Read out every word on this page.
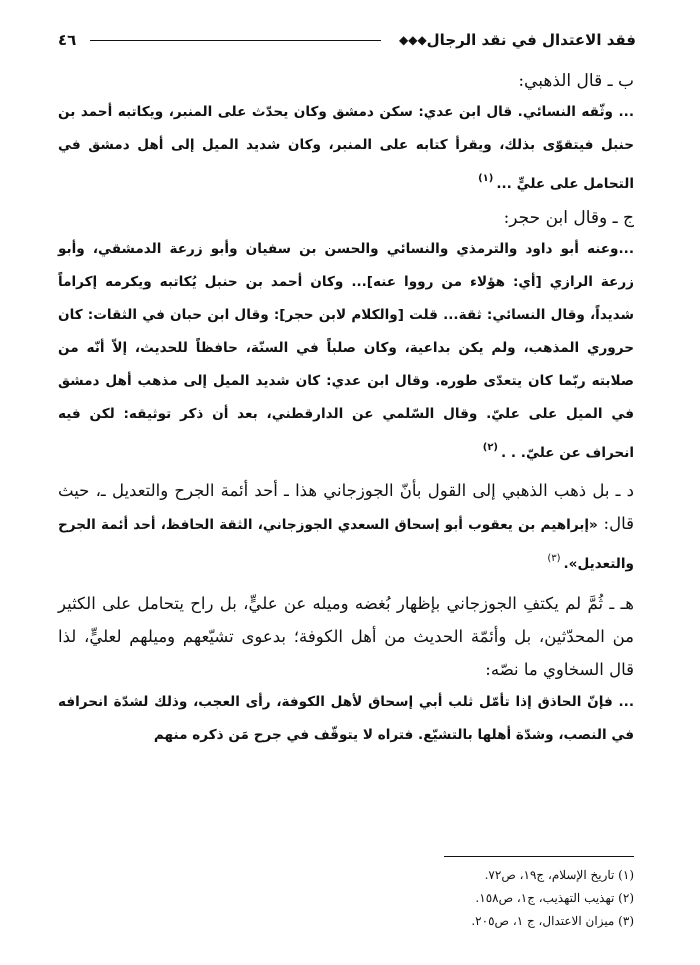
فقد الاعتدال في نقد الرجال
◆◆◆
٤٦

ب ـ قال الذهبي:

... وثّقه النسائي. قال ابن عدي: سكن دمشق وكان يحدّث على المنبر، ويكاتبه أحمد بن حنبل فيتقوّى بذلك، ويقرأ كتابه على المنبر، وكان شديد الميل إلى أهل دمشق في التحامل على عليٍّ ...$^{(١)}$

ج ـ وقال ابن حجر:

...وعنه أبو داود والترمذي والنسائي والحسن بن سفيان وأبو زرعة الدمشقي، وأبو زرعة الرازي [أي: هؤلاء من رووا عنه]... وكان أحمد بن حنبل يُكاتبه ويكرمه إكراماً شديداً، وقال النسائي: ثقة... قلت [والكلام لابن حجر]: وقال ابن حبان في الثقات: كان حروري المذهب، ولم يكن بداعية، وكان صلباً في السنّة، حافظاً للحديث، إلاّ أنّه من صلابته ربّما كان يتعدّى طوره. وقال ابن عدي: كان شديد الميل إلى مذهب أهل دمشق في الميل على عليّ. وقال السّلمي عن الدارقطني، بعد أن ذكر توثيقه: لكن فيه انحراف عن عليّ. . .$^{(٢)}$

د ـ بل ذهب الذهبي إلى القول بأنّ الجوزجاني هذا ـ أحد أئمة الجرح والتعديل ـ، حيث قال: «إبراهيم بن يعقوب أبو إسحاق السعدي الجوزجاني، الثقة الحافظ، أحد أئمة الجرح والتعديل».$^{(٣)}$

هـ ـ ثُمَّ لم يكتفِ الجوزجاني بإظهار بُغضه وميله عن عليٍّ، بل راح يتحامل على الكثير من المحدّثين، بل وأئمّة الحديث من أهل الكوفة؛ بدعوى تشيّعهم وميلهم لعليٍّ، لذا قال السخاوي ما نصّه:

... فإنّ الحاذق إذا تأمّل ثلب أبي إسحاق لأهل الكوفة، رأى العجب، وذلك لشدّة انحرافه في النصب، وشدّة أهلها بالتشيّع. فتراه لا يتوقّف في جرح مَن ذكره منهم

(١) تاريخ الإسلام، ج١٩، ص٧٢.
(٢) تهذيب التهذيب، ج١، ص١٥٨.
(٣) ميزان الاعتدال، ج ١، ص٢٠٥.
